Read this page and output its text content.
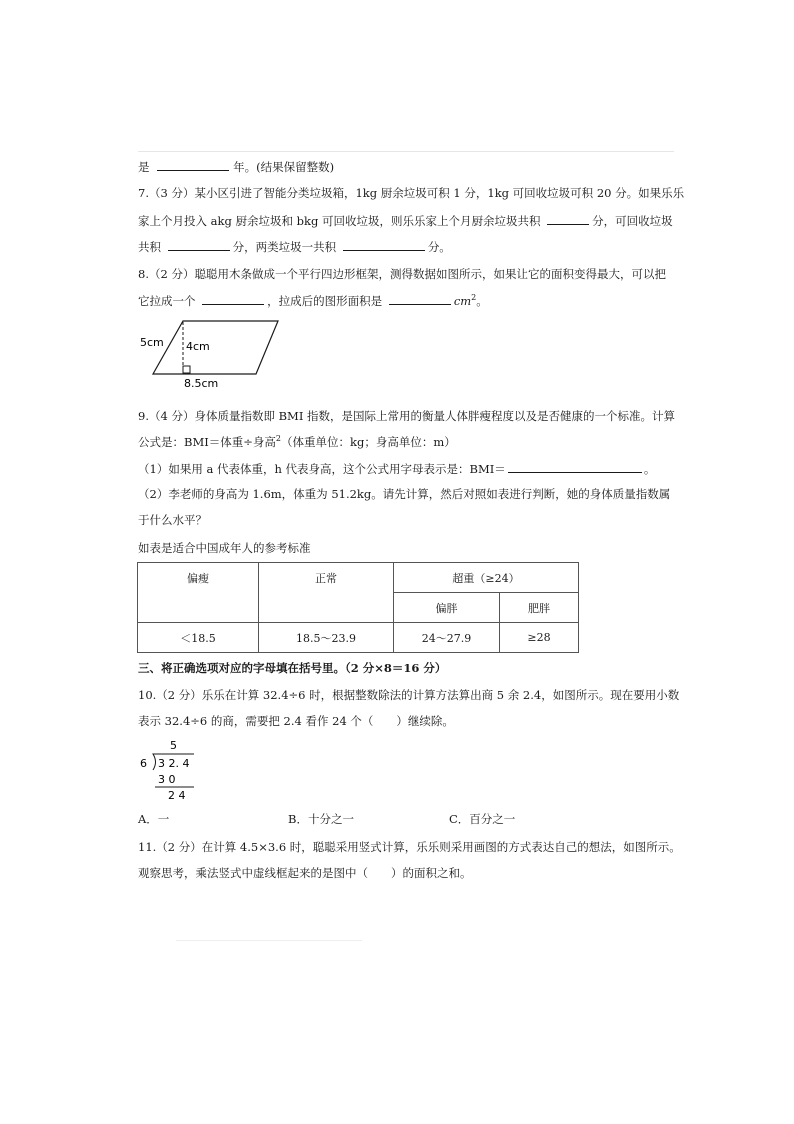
是	年。(结果保留整数)
7.（3 分）某小区引进了智能分类垃圾箱，1kg 厨余垃圾可积 1 分，1kg 可回收垃圾可积 20 分。如果乐乐
家上个月投入 akg 厨余垃圾和 bkg 可回收垃圾，则乐乐家上个月厨余垃圾共积	分，可回收垃圾
共积	分，两类垃圾一共积	分。
8.（2 分）聪聪用木条做成一个平行四边形框架，测得数据如图所示，如果让它的面积变得最大，可以把
它拉成一个	，拉成后的图形面积是	$cm^2$。
5cm 4cm
8.5cm
9.（4 分）身体质量指数即 BMI 指数，是国际上常用的衡量人体胖瘦程度以及是否健康的一个标准。计算
公式是：BMI＝体重÷身高$^2$（体重单位：kg；身高单位：m）
（1）如果用 a 代表体重，h 代表身高，这个公式用字母表示是：BMI＝	。
（2）李老师的身高为 1.6m，体重为 51.2kg。请先计算，然后对照如表进行判断，她的身体质量指数属
于什么水平？
如表是适合中国成年人的参考标准
偏瘦	正常	超重（≥24）	
		偏胖	肥胖
＜18.5	18.5～23.9	24～27.9	≥28
三、将正确选项对应的字母填在括号里。（2 分×8＝16 分）
10.（2 分）乐乐在计算 32.4÷6 时，根据整数除法的计算方法算出商 5 余 2.4，如图所示。现在要用小数
表示 32.4÷6 的商，需要把 2.4 看作 24 个（　　）继续除。
5
6 3 2. 4
3 0
2 4
A．一	B．十分之一	C．百分之一
11.（2 分）在计算 4.5×3.6 时，聪聪采用竖式计算，乐乐则采用画图的方式表达自己的想法，如图所示。
观察思考，乘法竖式中虚线框起来的是图中（　　）的面积之和。
